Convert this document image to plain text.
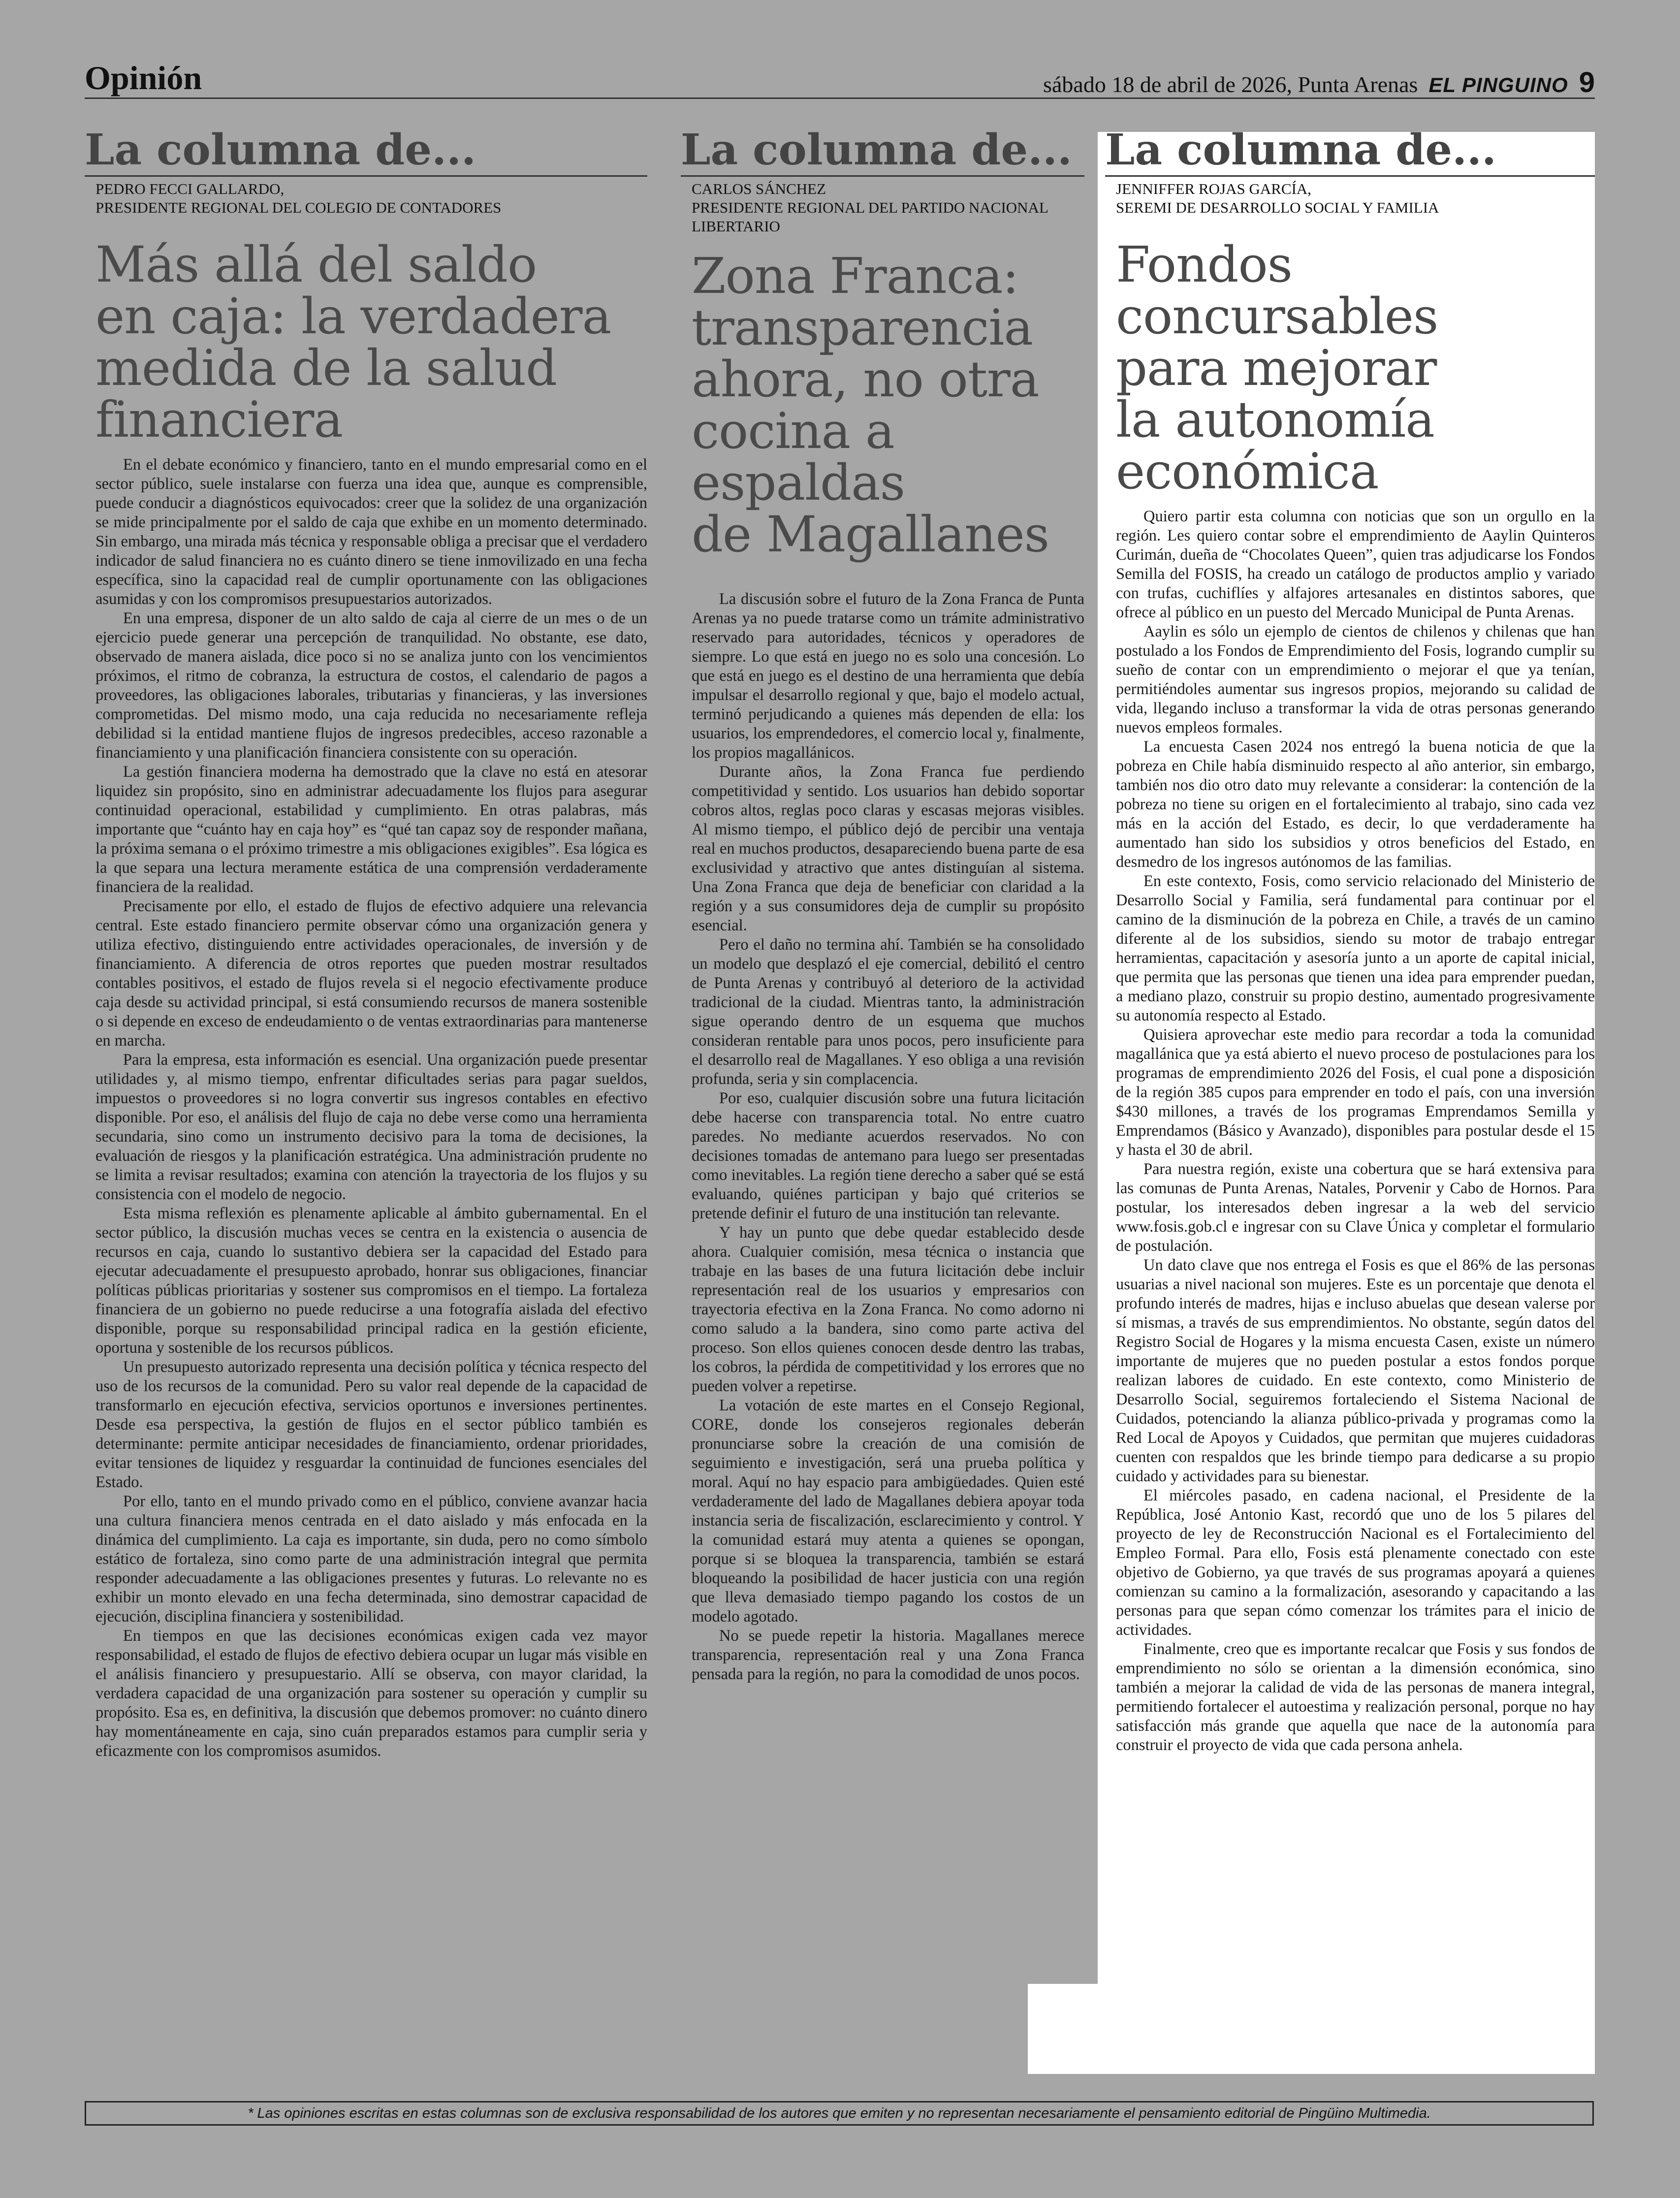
Opinión	sábado 18 de abril de 2026, Punta Arenas EL PINGUINO 9
La columna de...
PEDRO FECCI GALLARDO,
PRESIDENTE REGIONAL DEL COLEGIO DE CONTADORES
Más allá del saldo
en caja: la verdadera
medida de la salud
financiera

En el debate económico y financiero, tanto en el mundo empresarial como en el sector público, suele instalarse con fuerza una idea que, aunque es comprensible, puede conducir a diagnósticos equivocados: creer que la solidez de una organización se mide principalmente por el saldo de caja que exhibe en un momento determinado. Sin embargo, una mirada más técnica y responsable obliga a precisar que el verdadero indicador de salud financiera no es cuánto dinero se tiene inmovilizado en una fecha específica, sino la capacidad real de cumplir oportunamente con las obligaciones asumidas y con los compromisos presupuestarios autorizados.

En una empresa, disponer de un alto saldo de caja al cierre de un mes o de un ejercicio puede generar una percepción de tranquilidad. No obstante, ese dato, observado de manera aislada, dice poco si no se analiza junto con los vencimientos próximos, el ritmo de cobranza, la estructura de costos, el calendario de pagos a proveedores, las obligaciones laborales, tributarias y financieras, y las inversiones comprometidas. Del mismo modo, una caja reducida no necesariamente refleja debilidad si la entidad mantiene flujos de ingresos predecibles, acceso razonable a financiamiento y una planificación financiera consistente con su operación.

La gestión financiera moderna ha demostrado que la clave no está en atesorar liquidez sin propósito, sino en administrar adecuadamente los flujos para asegurar continuidad operacional, estabilidad y cumplimiento. En otras palabras, más importante que “cuánto hay en caja hoy” es “qué tan capaz soy de responder mañana, la próxima semana o el próximo trimestre a mis obligaciones exigibles”. Esa lógica es la que separa una lectura meramente estática de una comprensión verdaderamente financiera de la realidad.

Precisamente por ello, el estado de flujos de efectivo adquiere una relevancia central. Este estado financiero permite observar cómo una organización genera y utiliza efectivo, distinguiendo entre actividades operacionales, de inversión y de financiamiento. A diferencia de otros reportes que pueden mostrar resultados contables positivos, el estado de flujos revela si el negocio efectivamente produce caja desde su actividad principal, si está consumiendo recursos de manera sostenible o si depende en exceso de endeudamiento o de ventas extraordinarias para mantenerse en marcha.

Para la empresa, esta información es esencial. Una organización puede presentar utilidades y, al mismo tiempo, enfrentar dificultades serias para pagar sueldos, impuestos o proveedores si no logra convertir sus ingresos contables en efectivo disponible. Por eso, el análisis del flujo de caja no debe verse como una herramienta secundaria, sino como un instrumento decisivo para la toma de decisiones, la evaluación de riesgos y la planificación estratégica. Una administración prudente no se limita a revisar resultados; examina con atención la trayectoria de los flujos y su consistencia con el modelo de negocio.

Esta misma reflexión es plenamente aplicable al ámbito gubernamental. En el sector público, la discusión muchas veces se centra en la existencia o ausencia de recursos en caja, cuando lo sustantivo debiera ser la capacidad del Estado para ejecutar adecuadamente el presupuesto aprobado, honrar sus obligaciones, financiar políticas públicas prioritarias y sostener sus compromisos en el tiempo. La fortaleza financiera de un gobierno no puede reducirse a una fotografía aislada del efectivo disponible, porque su responsabilidad principal radica en la gestión eficiente, oportuna y sostenible de los recursos públicos.

Un presupuesto autorizado representa una decisión política y técnica respecto del uso de los recursos de la comunidad. Pero su valor real depende de la capacidad de transformarlo en ejecución efectiva, servicios oportunos e inversiones pertinentes. Desde esa perspectiva, la gestión de flujos en el sector público también es determinante: permite anticipar necesidades de financiamiento, ordenar prioridades, evitar tensiones de liquidez y resguardar la continuidad de funciones esenciales del Estado.

Por ello, tanto en el mundo privado como en el público, conviene avanzar hacia una cultura financiera menos centrada en el dato aislado y más enfocada en la dinámica del cumplimiento. La caja es importante, sin duda, pero no como símbolo estático de fortaleza, sino como parte de una administración integral que permita responder adecuadamente a las obligaciones presentes y futuras. Lo relevante no es exhibir un monto elevado en una fecha determinada, sino demostrar capacidad de ejecución, disciplina financiera y sostenibilidad.

En tiempos en que las decisiones económicas exigen cada vez mayor responsabilidad, el estado de flujos de efectivo debiera ocupar un lugar más visible en el análisis financiero y presupuestario. Allí se observa, con mayor claridad, la verdadera capacidad de una organización para sostener su operación y cumplir su propósito. Esa es, en definitiva, la discusión que debemos promover: no cuánto dinero hay momentáneamente en caja, sino cuán preparados estamos para cumplir seria y eficazmente con los compromisos asumidos.

La columna de...
CARLOS SÁNCHEZ
PRESIDENTE REGIONAL DEL PARTIDO NACIONAL LIBERTARIO
Zona Franca:
transparencia
ahora, no otra
cocina a espaldas
de Magallanes

La discusión sobre el futuro de la Zona Franca de Punta Arenas ya no puede tratarse como un trámite administrativo reservado para autoridades, técnicos y operadores de siempre. Lo que está en juego no es solo una concesión. Lo que está en juego es el destino de una herramienta que debía impulsar el desarrollo regional y que, bajo el modelo actual, terminó perjudicando a quienes más dependen de ella: los usuarios, los emprendedores, el comercio local y, finalmente, los propios magallánicos.

Durante años, la Zona Franca fue perdiendo competitividad y sentido. Los usuarios han debido soportar cobros altos, reglas poco claras y escasas mejoras visibles. Al mismo tiempo, el público dejó de percibir una ventaja real en muchos productos, desapareciendo buena parte de esa exclusividad y atractivo que antes distinguían al sistema. Una Zona Franca que deja de beneficiar con claridad a la región y a sus consumidores deja de cumplir su propósito esencial.

Pero el daño no termina ahí. También se ha consolidado un modelo que desplazó el eje comercial, debilitó el centro de Punta Arenas y contribuyó al deterioro de la actividad tradicional de la ciudad. Mientras tanto, la administración sigue operando dentro de un esquema que muchos consideran rentable para unos pocos, pero insuficiente para el desarrollo real de Magallanes. Y eso obliga a una revisión profunda, seria y sin complacencia.

Por eso, cualquier discusión sobre una futura licitación debe hacerse con transparencia total. No entre cuatro paredes. No mediante acuerdos reservados. No con decisiones tomadas de antemano para luego ser presentadas como inevitables. La región tiene derecho a saber qué se está evaluando, quiénes participan y bajo qué criterios se pretende definir el futuro de una institución tan relevante.

Y hay un punto que debe quedar establecido desde ahora. Cualquier comisión, mesa técnica o instancia que trabaje en las bases de una futura licitación debe incluir representación real de los usuarios y empresarios con trayectoria efectiva en la Zona Franca. No como adorno ni como saludo a la bandera, sino como parte activa del proceso. Son ellos quienes conocen desde dentro las trabas, los cobros, la pérdida de competitividad y los errores que no pueden volver a repetirse.

La votación de este martes en el Consejo Regional, CORE, donde los consejeros regionales deberán pronunciarse sobre la creación de una comisión de seguimiento e investigación, será una prueba política y moral. Aquí no hay espacio para ambigüedades. Quien esté verdaderamente del lado de Magallanes debiera apoyar toda instancia seria de fiscalización, esclarecimiento y control. Y la comunidad estará muy atenta a quienes se opongan, porque si se bloquea la transparencia, también se estará bloqueando la posibilidad de hacer justicia con una región que lleva demasiado tiempo pagando los costos de un modelo agotado.

No se puede repetir la historia. Magallanes merece transparencia, representación real y una Zona Franca pensada para la región, no para la comodidad de unos pocos.

La columna de...
JENNIFFER ROJAS GARCÍA,
SEREMI DE DESARROLLO SOCIAL Y FAMILIA
Fondos concursables
para mejorar
la autonomía
económica

Quiero partir esta columna con noticias que son un orgullo en la región. Les quiero contar sobre el emprendimiento de Aaylin Quinteros Curimán, dueña de “Chocolates Queen”, quien tras adjudicarse los Fondos Semilla del FOSIS, ha creado un catálogo de productos amplio y variado con trufas, cuchiflíes y alfajores artesanales en distintos sabores, que ofrece al público en un puesto del Mercado Municipal de Punta Arenas.

Aaylin es sólo un ejemplo de cientos de chilenos y chilenas que han postulado a los Fondos de Emprendimiento del Fosis, logrando cumplir su sueño de contar con un emprendimiento o mejorar el que ya tenían, permitiéndoles aumentar sus ingresos propios, mejorando su calidad de vida, llegando incluso a transformar la vida de otras personas generando nuevos empleos formales.

La encuesta Casen 2024 nos entregó la buena noticia de que la pobreza en Chile había disminuido respecto al año anterior, sin embargo, también nos dio otro dato muy relevante a considerar: la contención de la pobreza no tiene su origen en el fortalecimiento al trabajo, sino cada vez más en la acción del Estado, es decir, lo que verdaderamente ha aumentado han sido los subsidios y otros beneficios del Estado, en desmedro de los ingresos autónomos de las familias.

En este contexto, Fosis, como servicio relacionado del Ministerio de Desarrollo Social y Familia, será fundamental para continuar por el camino de la disminución de la pobreza en Chile, a través de un camino diferente al de los subsidios, siendo su motor de trabajo entregar herramientas, capacitación y asesoría junto a un aporte de capital inicial, que permita que las personas que tienen una idea para emprender puedan, a mediano plazo, construir su propio destino, aumentado progresivamente su autonomía respecto al Estado.

Quisiera aprovechar este medio para recordar a toda la comunidad magallánica que ya está abierto el nuevo proceso de postulaciones para los programas de emprendimiento 2026 del Fosis, el cual pone a disposición de la región 385 cupos para emprender en todo el país, con una inversión $430 millones, a través de los programas Emprendamos Semilla y Emprendamos (Básico y Avanzado), disponibles para postular desde el 15 y hasta el 30 de abril.

Para nuestra región, existe una cobertura que se hará extensiva para las comunas de Punta Arenas, Natales, Porvenir y Cabo de Hornos. Para postular, los interesados deben ingresar a la web del servicio www.fosis.gob.cl e ingresar con su Clave Única y completar el formulario de postulación.

Un dato clave que nos entrega el Fosis es que el 86% de las personas usuarias a nivel nacional son mujeres. Este es un porcentaje que denota el profundo interés de madres, hijas e incluso abuelas que desean valerse por sí mismas, a través de sus emprendimientos. No obstante, según datos del Registro Social de Hogares y la misma encuesta Casen, existe un número importante de mujeres que no pueden postular a estos fondos porque realizan labores de cuidado. En este contexto, como Ministerio de Desarrollo Social, seguiremos fortaleciendo el Sistema Nacional de Cuidados, potenciando la alianza público-privada y programas como la Red Local de Apoyos y Cuidados, que permitan que mujeres cuidadoras cuenten con respaldos que les brinde tiempo para dedicarse a su propio cuidado y actividades para su bienestar.

El miércoles pasado, en cadena nacional, el Presidente de la República, José Antonio Kast, recordó que uno de los 5 pilares del proyecto de ley de Reconstrucción Nacional es el Fortalecimiento del Empleo Formal. Para ello, Fosis está plenamente conectado con este objetivo de Gobierno, ya que través de sus programas apoyará a quienes comienzan su camino a la formalización, asesorando y capacitando a las personas para que sepan cómo comenzar los trámites para el inicio de actividades.

Finalmente, creo que es importante recalcar que Fosis y sus fondos de emprendimiento no sólo se orientan a la dimensión económica, sino también a mejorar la calidad de vida de las personas de manera integral, permitiendo fortalecer el autoestima y realización personal, porque no hay satisfacción más grande que aquella que nace de la autonomía para construir el proyecto de vida que cada persona anhela.

* Las opiniones escritas en estas columnas son de exclusiva responsabilidad de los autores que emiten y no representan necesariamente el pensamiento editorial de Pingüino Multimedia.
